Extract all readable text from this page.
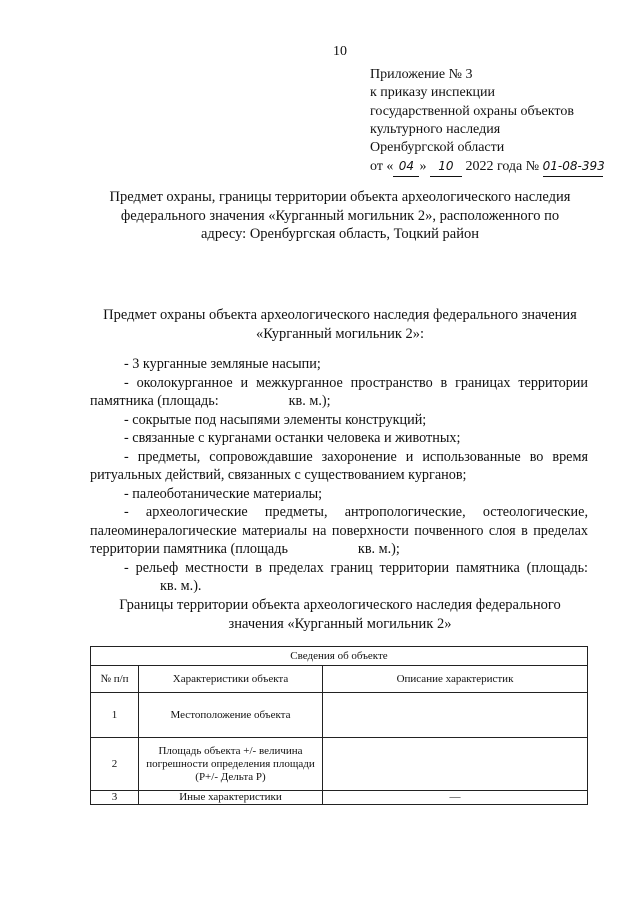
10
Приложение № 3
к приказу инспекции
государственной охраны объектов
культурного наследия
Оренбургской области
от « 04 » 10 2022 года № 01-08-393
Предмет охраны, границы территории объекта археологического наследия
федерального значения «Курганный могильник 2», расположенного по
адресу: Оренбургская область, Тоцкий район
Предмет охраны объекта археологического наследия федерального значения
«Курганный могильник 2»:
- 3 курганные земляные насыпи;
- околокурганное и межкурганное пространство в границах территории памятника (площадь:	кв. м.);
- сокрытые под насыпями элементы конструкций;
- связанные с курганами останки человека и животных;
- предметы, сопровождавшие захоронение и использованные во время ритуальных действий, связанных с существованием курганов;
- палеоботанические материалы;
- археологические предметы, антропологические, остеологические, палеоминералогические материалы на поверхности почвенного слоя в пределах территории памятника (площадь	кв. м.);
- рельеф местности в пределах границ территории памятника (площадь:кв. м.).
Границы территории объекта археологического наследия федерального
значения «Курганный могильник 2»
Сведения об объекте		
№ п/п	Характеристики объекта	Описание характеристик
1	Местоположение объекта	
2	Площадь объекта +/- величина погрешности определения площади (Р+/- Дельта Р)	
3	Иные характеристики	—
